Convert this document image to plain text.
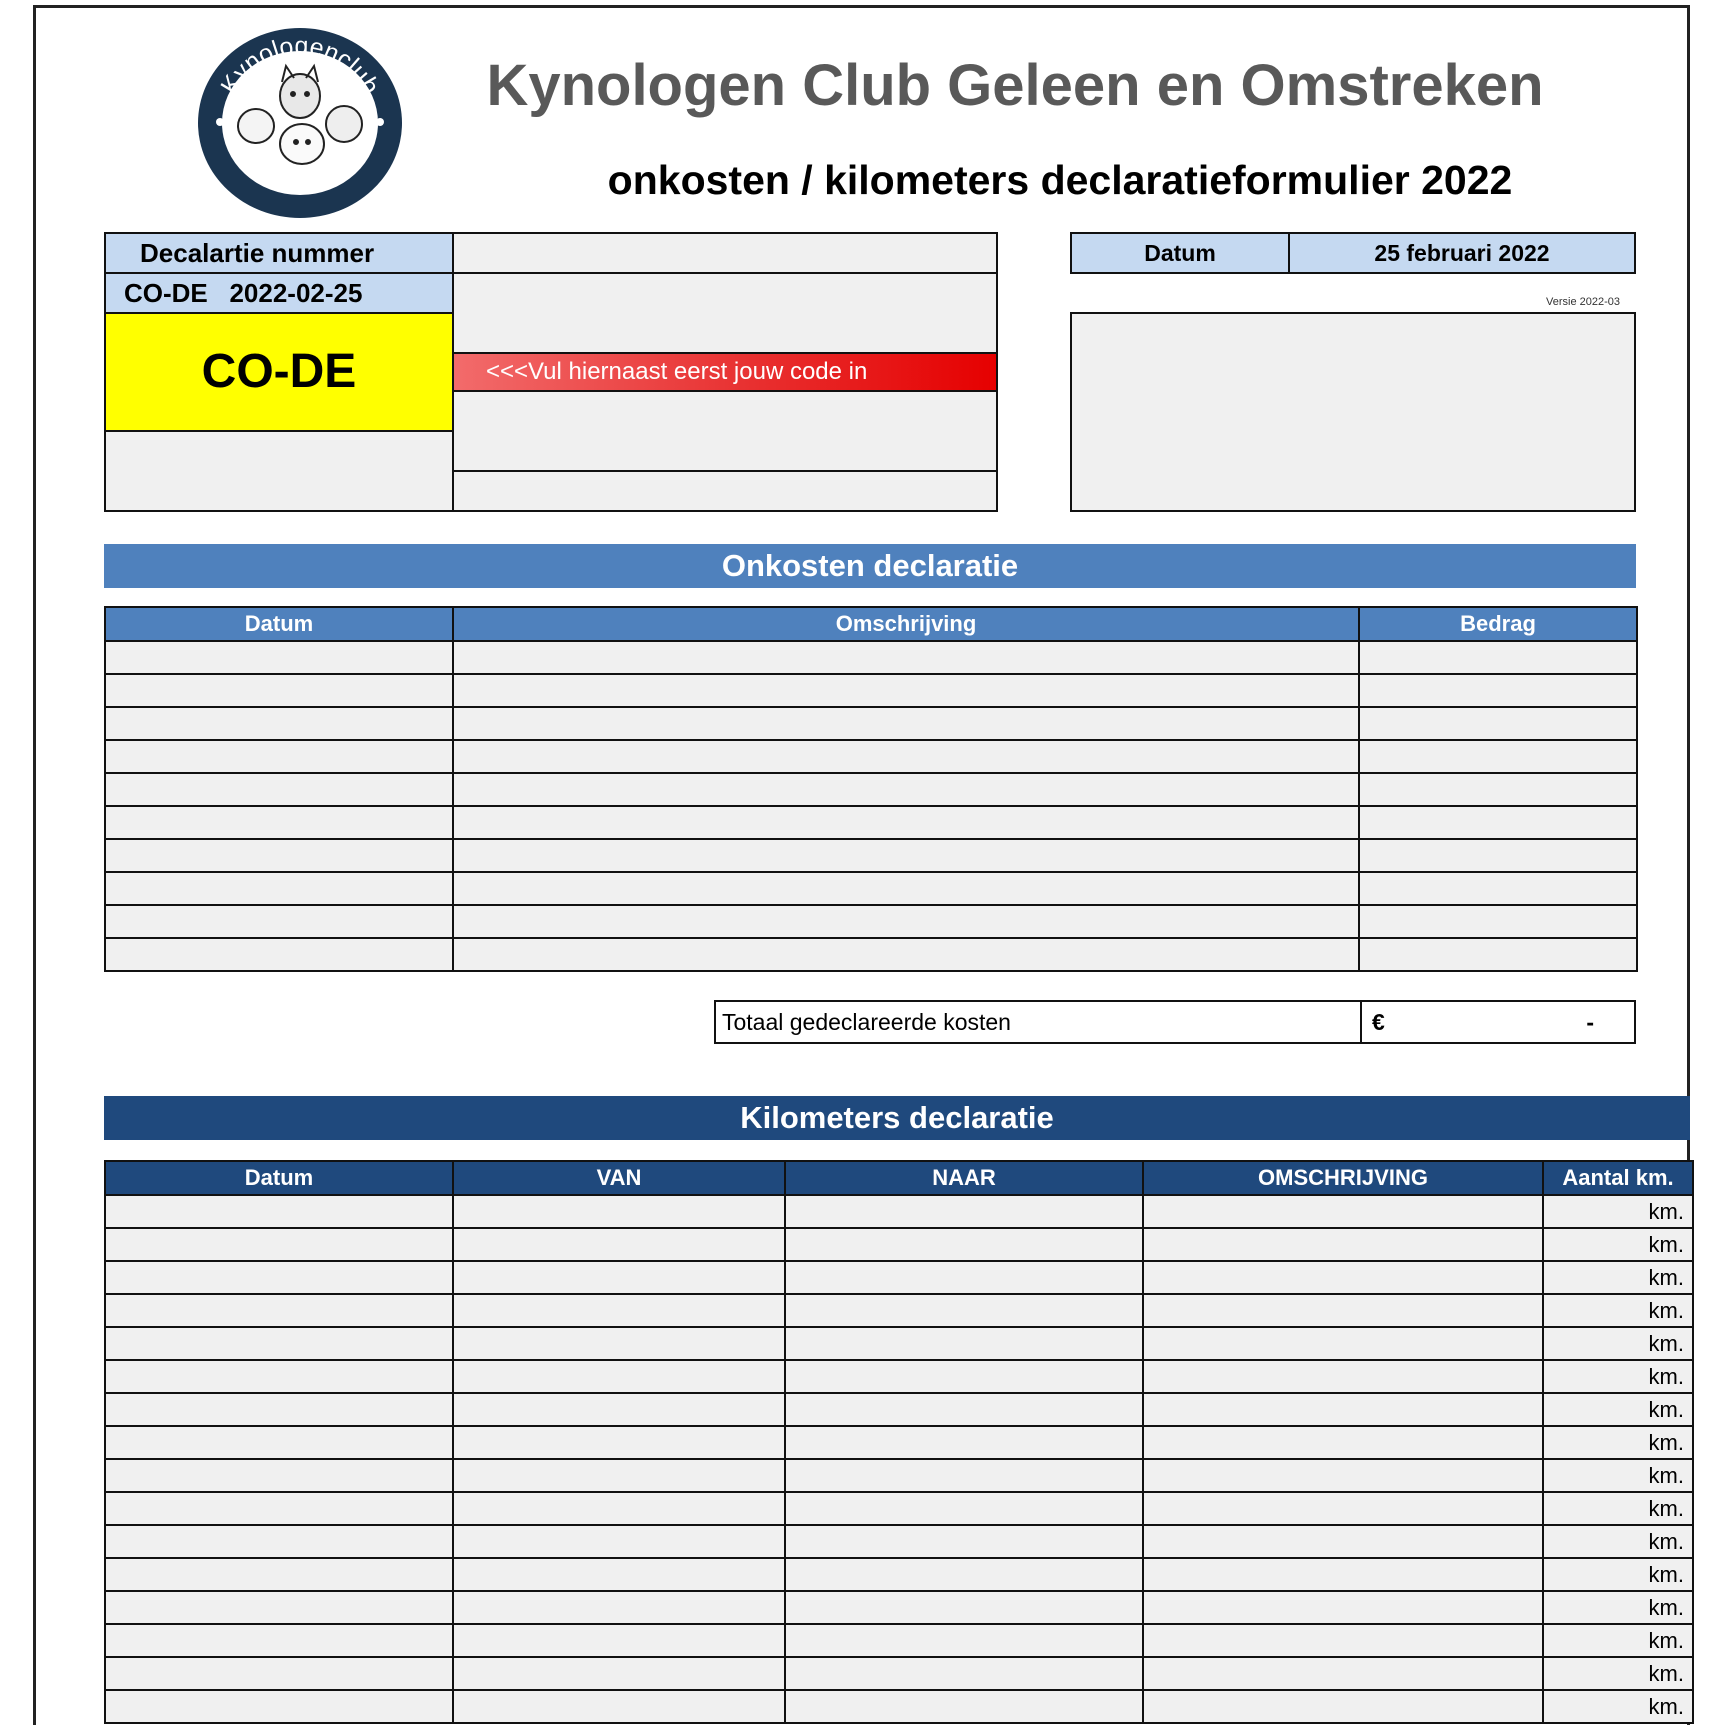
Kynologenclub
Geleen e.o.
Kynologen Club Geleen en Omstreken
onkosten / kilometers declaratieformulier 2022
Decalartie nummer
CO-DE   2022-02-25
CO-DE	<<<Vul hiernaast eerst jouw code in
Datum	25 februari 2022
Versie 2022-03
Onkosten declaratie
Datum	Omschrijving	Bedrag

Totaal gedeclareerde kosten	€	-
Kilometers declaratie
Datum	VAN	NAAR	OMSCHRIJVING	Aantal km.
				km.
				km.
				km.
				km.
				km.
				km.
				km.
				km.
				km.
				km.
				km.
				km.
				km.
				km.
				km.
				km.
